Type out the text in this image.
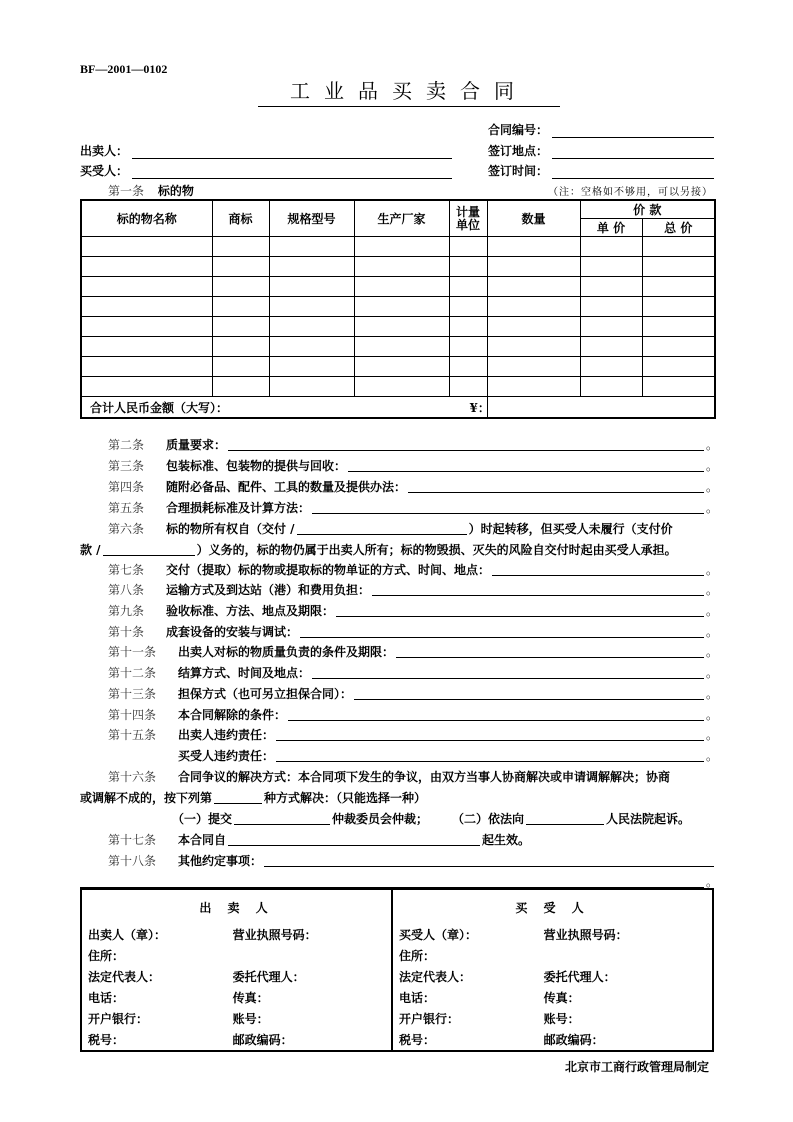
BF—2001—0102
工业品买卖合同
合同编号：
出卖人：	签订地点：
买受人：	签订时间：
第一条 标的物	（注：空格如不够用，可以另接）
标的物名称	商标	规格型号	生产厂家	计量单位	数量	价 款	
						单 价	总 价

合计人民币金额（大写）：					¥：		
第二条	质量要求：	。
第三条	包装标准、包装物的提供与回收：	。
第四条	随附必备品、配件、工具的数量及提供办法：	。
第五条	合理损耗标准及计算方法：	。
第六条	标的物所有权自（交付 /	）时起转移，但买受人未履行（支付价
款 /	）义务的，标的物仍属于出卖人所有；标的物毁损、灭失的风险自交付时起由买受人承担。
第七条	交付（提取）标的物或提取标的物单证的方式、时间、地点：	。
第八条	运输方式及到达站（港）和费用负担：	。
第九条	验收标准、方法、地点及期限：	。
第十条	成套设备的安装与调试：	。
第十一条	出卖人对标的物质量负责的条件及期限：	。
第十二条	结算方式、时间及地点：	。
第十三条	担保方式（也可另立担保合同）：	。
第十四条	本合同解除的条件：	。
第十五条	出卖人违约责任：	。
买受人违约责任：	。
第十六条	合同争议的解决方式：本合同项下发生的争议，由双方当事人协商解决或申请调解解决；协商
或调解不成的，按下列第	种方式解决：（只能选择一种）
（一）提交	仲裁委员会仲裁； （二）依法向	人民法院起诉。
第十七条	本合同自	起生效。
第十八条	其他约定事项：
。
出 卖 人		买 受 人	
出卖人（章）：	营业执照号码：	买受人（章）：	营业执照号码：
住所：		住所：	
法定代表人：	委托代理人：	法定代表人：	委托代理人：
电话：	传真：	电话：	传真：
开户银行：	账号：	开户银行：	账号：
税号：	邮政编码：	税号：	邮政编码：
北京市工商行政管理局制定
